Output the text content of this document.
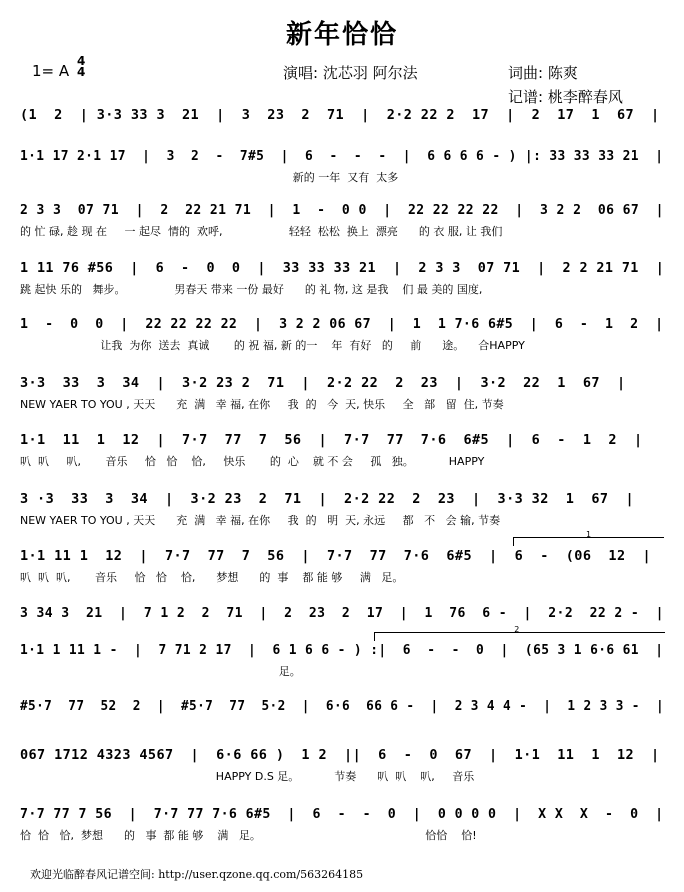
新年恰恰
1= A
4
4	演唱: 沈芯羽 阿尔法	词曲: 陈爽
记谱: 桃李醉春风
(1  2  | 3·3 33 3  21  |  3  23  2  71  |  2·2 22 2  17  |  2  17  1  67  |
1·1 17 2·1 17  |  3  2  -  7#5  |  6  -  -  -  |  6 6 6 6 - ) |: 33 33 33 21  |
新的 一年  又有  太多
2 3 3  07 71  |  2  22 21 71  |  1  -  0 0  |  22 22 22 22  |  3 2 2  06 67  |
的 忙 碌, 趁 现 在     一 起尽  情的  欢呼,                   轻轻  松松  换上  漂亮      的 衣 服, 让 我们
1 11 76 #56  |  6  -  0  0  |  33 33 33 21  |  2 3 3  07 71  |  2 2 21 71  |
跳 起快 乐的   舞步。              男春天 带来 一份 最好      的 礼 物, 这 是我    们 最 美的 国度,
1  -  0  0  |  22 22 22 22  |  3 2 2 06 67  |  1  1 7·6 6#5  |  6  -  1  2  |
让我  为你  送去  真诚       的 祝 福, 新 的一    年  有好   的     前      途。    合HAPPY
3·3  33  3  34  |  3·2 23 2  71  |  2·2 22  2  23  |  3·2  22  1  67  |
NEW YAER TO YOU , 天天      充  满   幸 福, 在你     我  的   今  天, 快乐     全   部   留  住, 节奏
1·1  11  1  12  |  7·7  77  7  56  |  7·7  77  7·6  6#5  |  6  -  1  2  |
叭  叭     叭,       音乐     恰   恰    恰,     快乐       的  心    就 不 会     孤   独。          HAPPY
3 ·3  33  3  34  |  3·2 23  2  71  |  2·2 22  2  23  |  3·3 32  1  67  |
NEW YAER TO YOU , 天天      充  满   幸 福, 在你     我  的   明  天, 永远     都   不   会 输, 节奏
1·1 11 1  12  |  7·7  77  7  56  |  7·7  77  7·6  6#5  |  6  -  (06  12  |
叭  叭  叭,       音乐     恰   恰    恰,      梦想      的  事    都 能 够     满   足。
3 34 3  21  |  7 1 2  2  71  |  2  23  2  17  |  1  76  6 -  |  2·2  22 2 -  |
1·1 1 11 1 -  |  7 71 2 17  |  6 1 6 6 - ) :|  6  -  -  0  |  (65 3 1 6·6 61  |
足。
#5·7  77  52  2  |  #5·7  77  5·2  |  6·6  66 6 -  |  2 3 4 4 -  |  1 2 3 3 -  |
067 1712 4323 4567  |  6·6 66 )  1 2  ||  6  -  0  67  |  1·1  11  1  12  |
HAPPY D.S 足。          节奏      叭  叭    叭,     音乐
7·7 77 7 56  |  7·7 77 7·6 6#5  |  6  -  -  0  |  0 0 0 0  |  X X  X  -  0  |
恰  恰   恰,  梦想      的   事  都 能 够    满   足。                                               恰恰    恰!
1
2
欢迎光临醉春风记谱空间: http://user.qzone.qq.com/563264185
